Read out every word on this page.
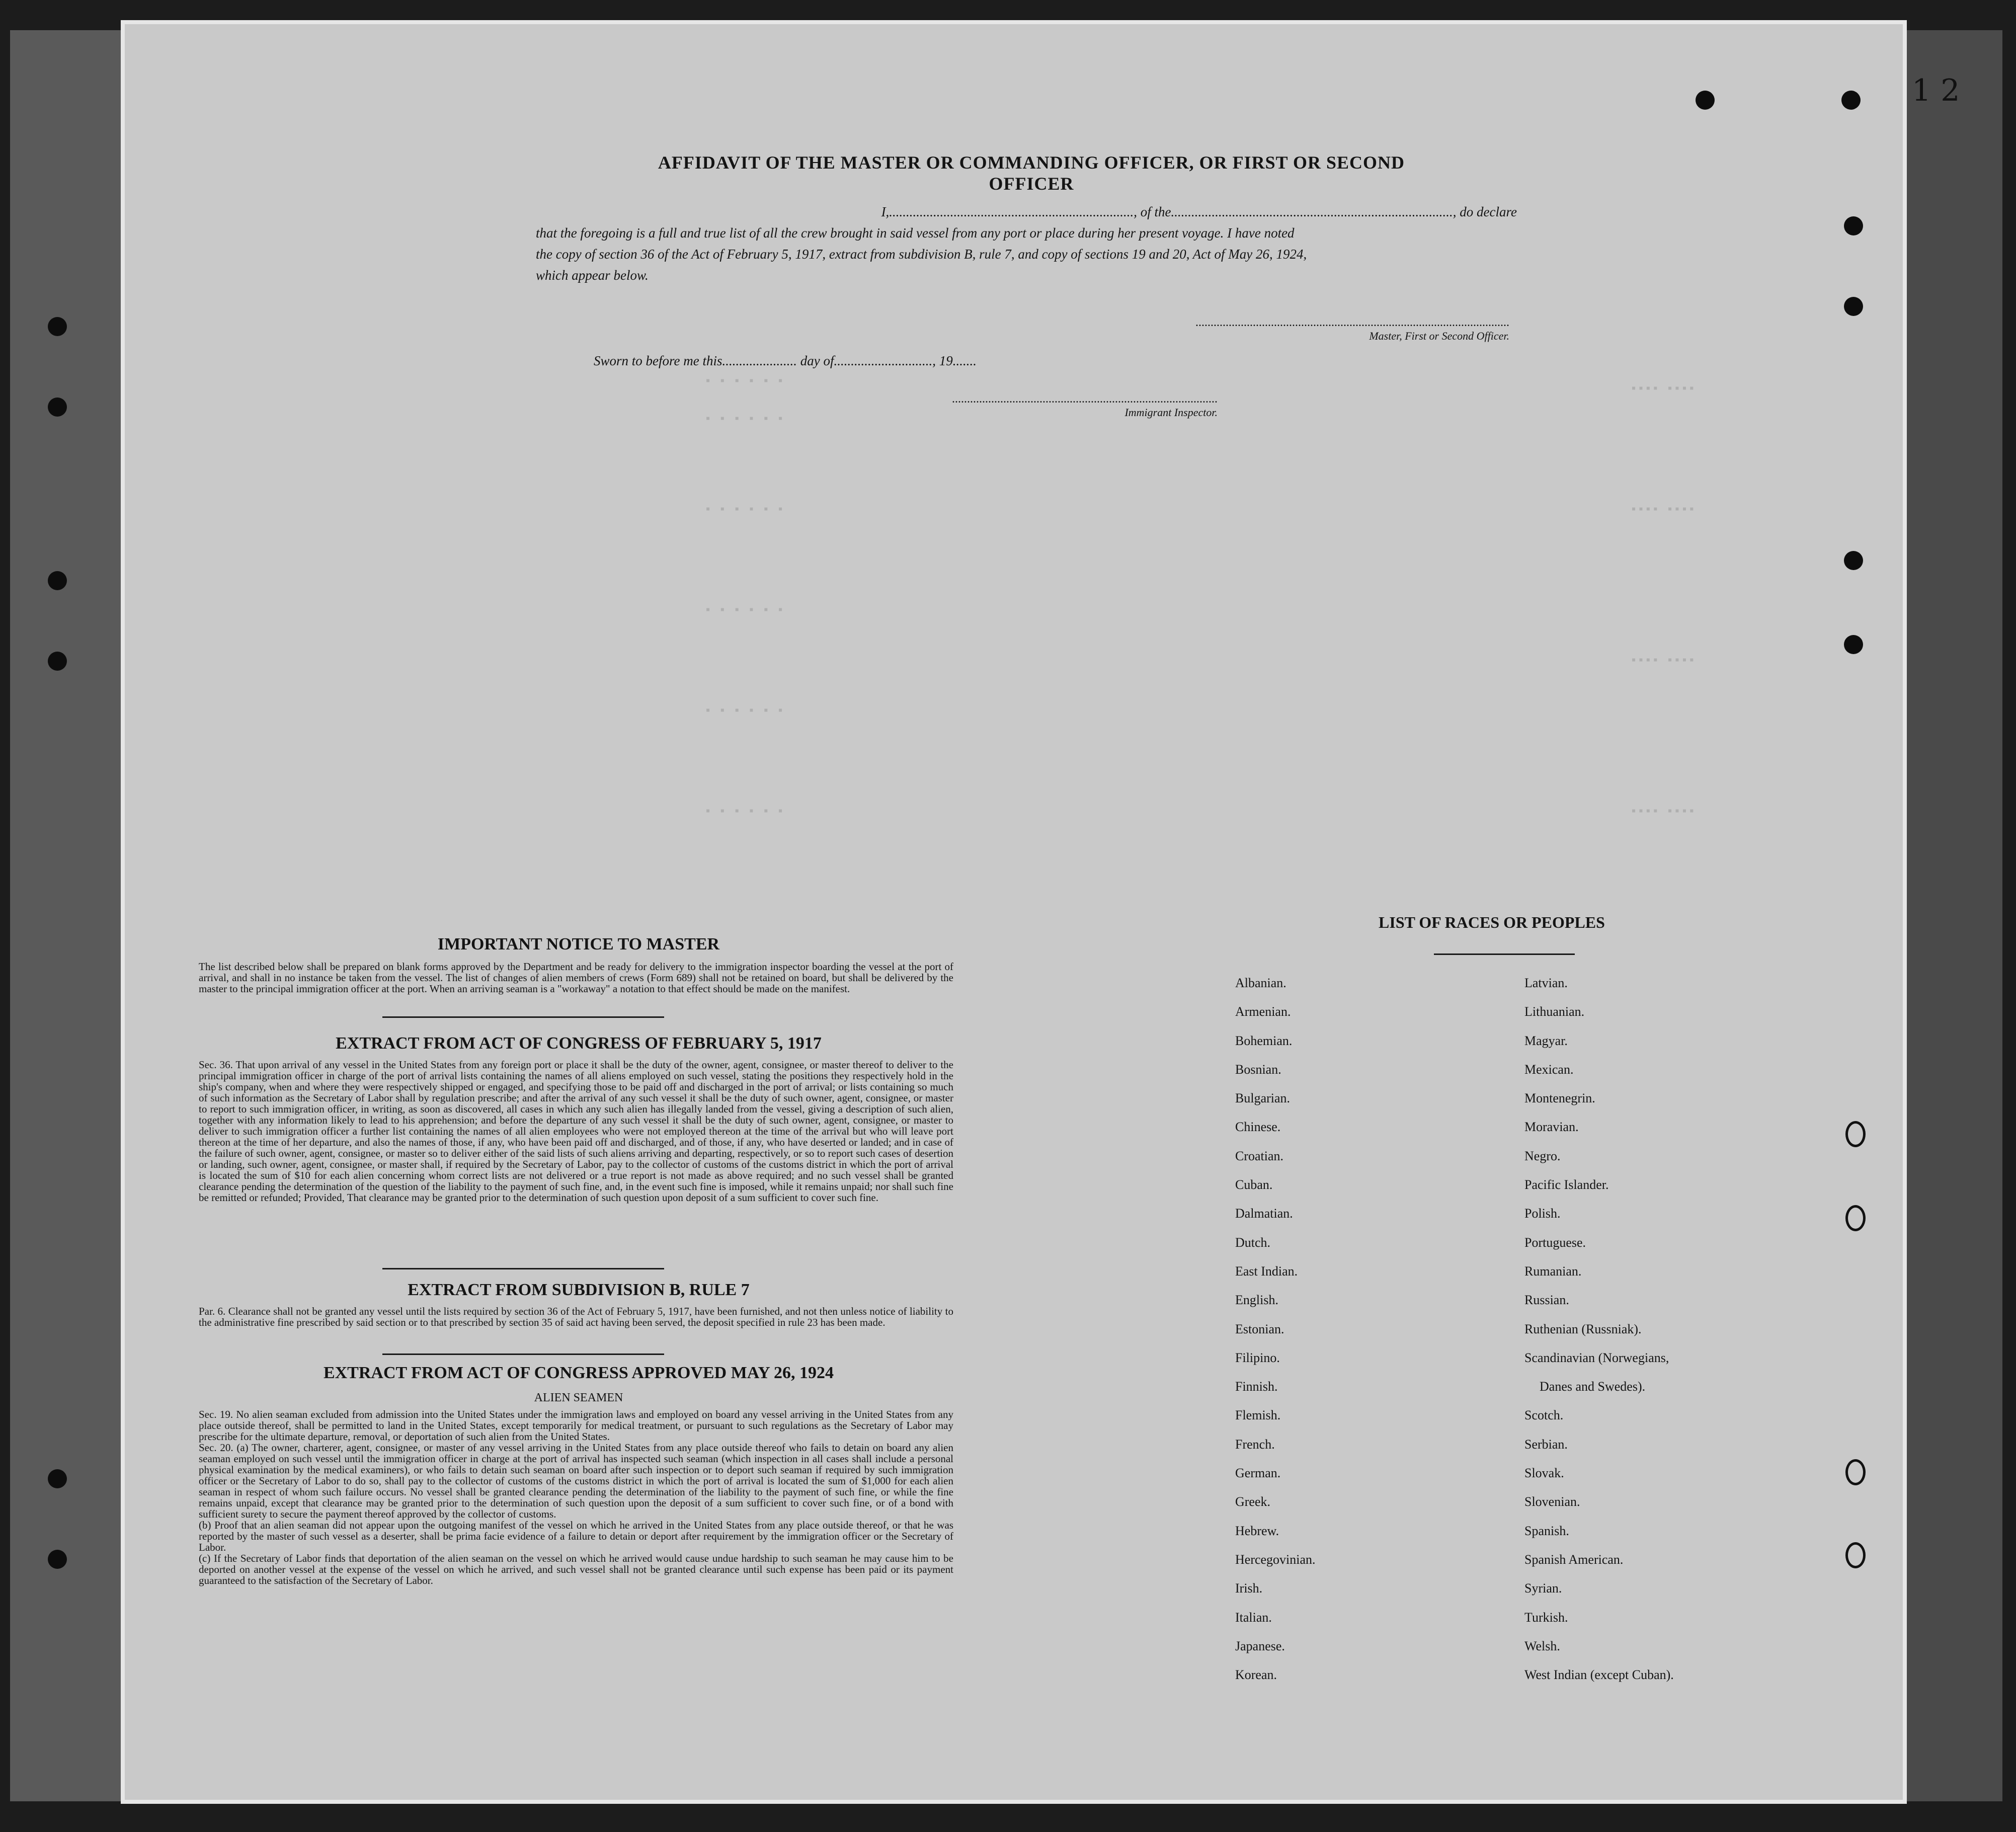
1 2
▪ ▪ ▪ ▪ ▪ ▪
▪ ▪ ▪ ▪ ▪ ▪
▪ ▪ ▪ ▪ ▪ ▪
▪ ▪ ▪ ▪ ▪ ▪
▪ ▪ ▪ ▪ ▪ ▪
▪ ▪ ▪ ▪ ▪ ▪
▪▪▪▪ ▪▪▪▪
▪▪▪▪ ▪▪▪▪
▪▪▪▪ ▪▪▪▪
▪▪▪▪ ▪▪▪▪
AFFIDAVIT OF THE MASTER OR COMMANDING OFFICER, OR FIRST OR SECOND OFFICER
I,........................................................................, of the..................................................................................., do declare
that the foregoing is a full and true list of all the crew brought in said vessel from any port or place during her present voyage. I have noted
the copy of section 36 of the Act of February 5, 1917, extract from subdivision B, rule 7, and copy of sections 19 and 20, Act of May 26, 1924,
which appear below.
........................................................................................................
Master, First or Second Officer.
Sworn to before me this...................... day of............................., 19.......
........................................................................................
Immigrant Inspector.
IMPORTANT NOTICE TO MASTER
The list described below shall be prepared on blank forms approved by the Department and be ready for delivery to the immigration inspector boarding the vessel at the port of arrival, and shall in no instance be taken from the vessel. The list of changes of alien members of crews (Form 689) shall not be retained on board, but shall be delivered by the master to the principal immigration officer at the port. When an arriving seaman is a "workaway" a notation to that effect should be made on the manifest.
EXTRACT FROM ACT OF CONGRESS OF FEBRUARY 5, 1917
Sec. 36. That upon arrival of any vessel in the United States from any foreign port or place it shall be the duty of the owner, agent, consignee, or master thereof to deliver to the principal immigration officer in charge of the port of arrival lists containing the names of all aliens employed on such vessel, stating the positions they respectively hold in the ship's company, when and where they were respectively shipped or engaged, and specifying those to be paid off and discharged in the port of arrival; or lists containing so much of such information as the Secretary of Labor shall by regulation prescribe; and after the arrival of any such vessel it shall be the duty of such owner, agent, consignee, or master to report to such immigration officer, in writing, as soon as discovered, all cases in which any such alien has illegally landed from the vessel, giving a description of such alien, together with any information likely to lead to his apprehension; and before the departure of any such vessel it shall be the duty of such owner, agent, consignee, or master to deliver to such immigration officer a further list containing the names of all alien employees who were not employed thereon at the time of the arrival but who will leave port thereon at the time of her departure, and also the names of those, if any, who have been paid off and discharged, and of those, if any, who have deserted or landed; and in case of the failure of such owner, agent, consignee, or master so to deliver either of the said lists of such aliens arriving and departing, respectively, or so to report such cases of desertion or landing, such owner, agent, consignee, or master shall, if required by the Secretary of Labor, pay to the collector of customs of the customs district in which the port of arrival is located the sum of $10 for each alien concerning whom correct lists are not delivered or a true report is not made as above required; and no such vessel shall be granted clearance pending the determination of the question of the liability to the payment of such fine, and, in the event such fine is imposed, while it remains unpaid; nor shall such fine be remitted or refunded; Provided, That clearance may be granted prior to the determination of such question upon deposit of a sum sufficient to cover such fine.
EXTRACT FROM SUBDIVISION B, RULE 7
Par. 6. Clearance shall not be granted any vessel until the lists required by section 36 of the Act of February 5, 1917, have been furnished, and not then unless notice of liability to the administrative fine prescribed by said section or to that prescribed by section 35 of said act having been served, the deposit specified in rule 23 has been made.
EXTRACT FROM ACT OF CONGRESS APPROVED MAY 26, 1924
ALIEN SEAMEN
Sec. 19. No alien seaman excluded from admission into the United States under the immigration laws and employed on board any vessel arriving in the United States from any place outside thereof, shall be permitted to land in the United States, except temporarily for medical treatment, or pursuant to such regulations as the Secretary of Labor may prescribe for the ultimate departure, removal, or deportation of such alien from the United States.
Sec. 20. (a) The owner, charterer, agent, consignee, or master of any vessel arriving in the United States from any place outside thereof who fails to detain on board any alien seaman employed on such vessel until the immigration officer in charge at the port of arrival has inspected such seaman (which inspection in all cases shall include a personal physical examination by the medical examiners), or who fails to detain such seaman on board after such inspection or to deport such seaman if required by such immigration officer or the Secretary of Labor to do so, shall pay to the collector of customs of the customs district in which the port of arrival is located the sum of $1,000 for each alien seaman in respect of whom such failure occurs. No vessel shall be granted clearance pending the determination of the liability to the payment of such fine, or while the fine remains unpaid, except that clearance may be granted prior to the determination of such question upon the deposit of a sum sufficient to cover such fine, or of a bond with sufficient surety to secure the payment thereof approved by the collector of customs.
(b) Proof that an alien seaman did not appear upon the outgoing manifest of the vessel on which he arrived in the United States from any place outside thereof, or that he was reported by the master of such vessel as a deserter, shall be prima facie evidence of a failure to detain or deport after requirement by the immigration officer or the Secretary of Labor.
(c) If the Secretary of Labor finds that deportation of the alien seaman on the vessel on which he arrived would cause undue hardship to such seaman he may cause him to be deported on another vessel at the expense of the vessel on which he arrived, and such vessel shall not be granted clearance until such expense has been paid or its payment guaranteed to the satisfaction of the Secretary of Labor.
LIST OF RACES OR PEOPLES
Albanian.
Armenian.
Bohemian.
Bosnian.
Bulgarian.
Chinese.
Croatian.
Cuban.
Dalmatian.
Dutch.
East Indian.
English.
Estonian.
Filipino.
Finnish.
Flemish.
French.
German.
Greek.
Hebrew.
Hercegovinian.
Irish.
Italian.
Japanese.
Korean.
Latvian.
Lithuanian.
Magyar.
Mexican.
Montenegrin.
Moravian.
Negro.
Pacific Islander.
Polish.
Portuguese.
Rumanian.
Russian.
Ruthenian (Russniak).
Scandinavian (Norwegians,
Danes and Swedes).
Scotch.
Serbian.
Slovak.
Slovenian.
Spanish.
Spanish American.
Syrian.
Turkish.
Welsh.
West Indian (except Cuban).
